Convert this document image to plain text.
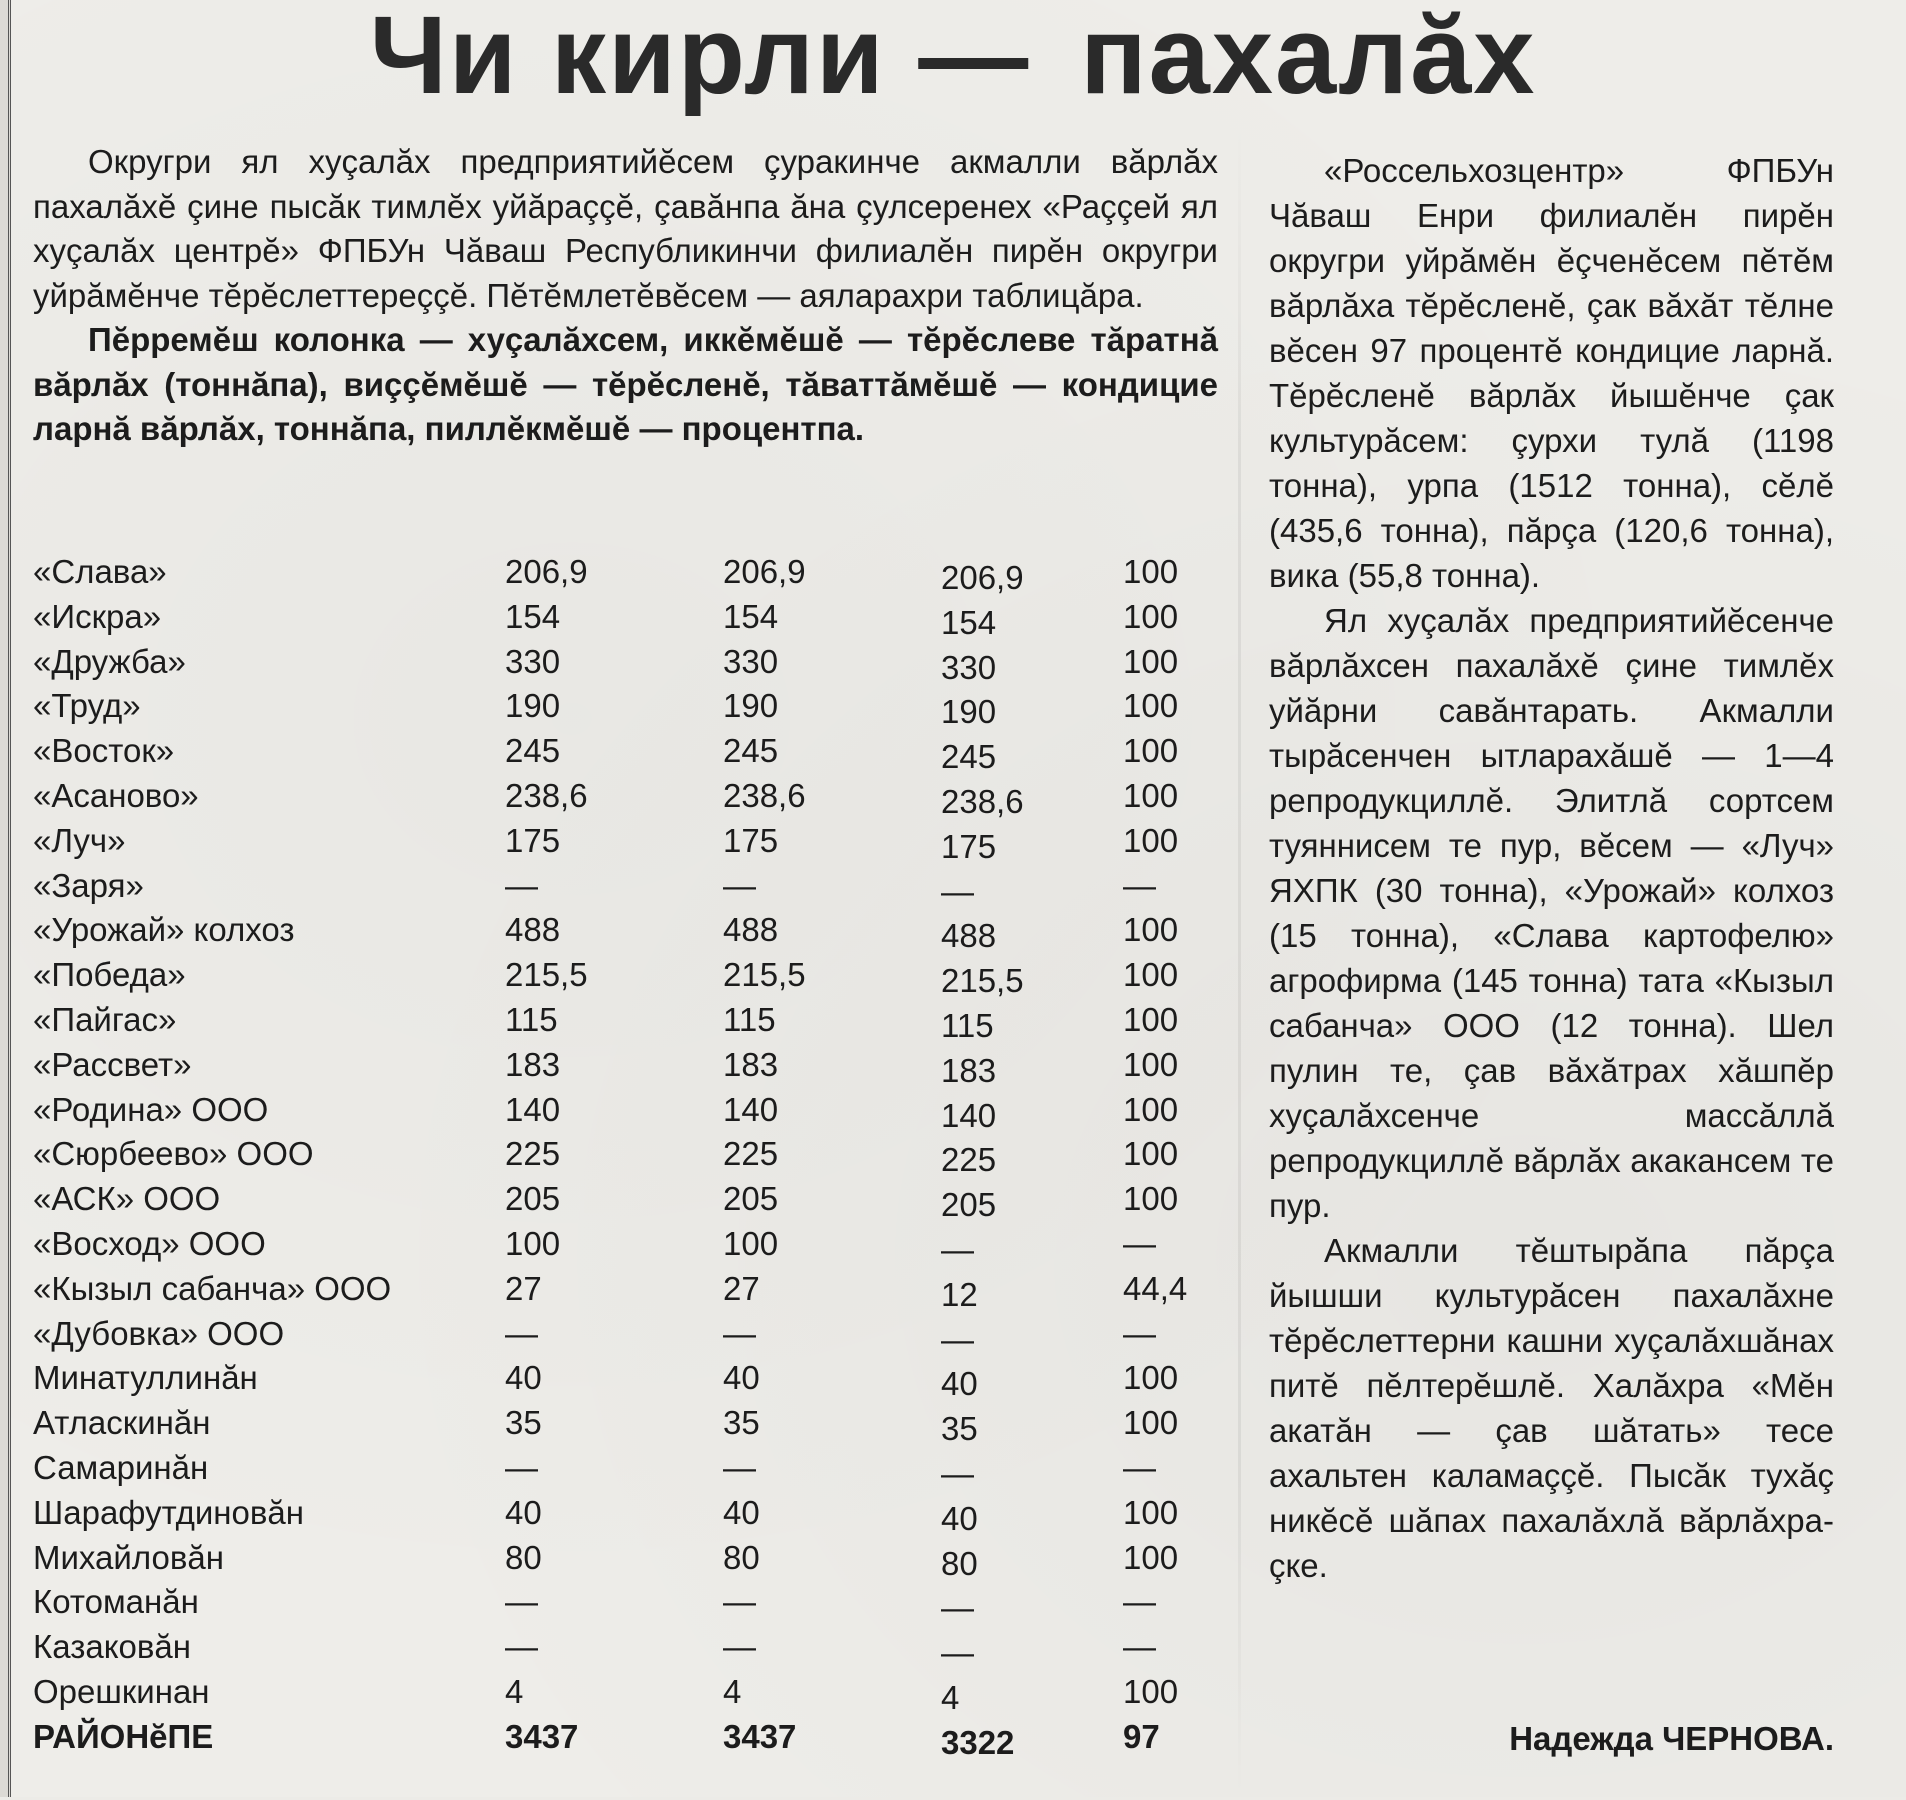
Чи кирли — пахалăх

Округри ял хуçалăх предприятийĕсем çуракинче акмалли вăрлăх пахалăхĕ çине пысăк тимлĕх уйăраççĕ, çавăнпа ăна çулсеренех «Раççей ял хуçалăх центрĕ» ФПБУн Чăваш Республикинчи филиалĕн пирĕн округри уйрăмĕнче тĕрĕслеттереççĕ. Пĕтĕмлетĕвĕсем — аялараxри таблицăра.

Пĕрремĕш колонка — хуçалăхсем, иккĕмĕшĕ — тĕрĕслеве тăратнă вăрлăх (тоннăпа), виççĕмĕшĕ — тĕрĕсленĕ, тăваттăмĕшĕ — кондицие ларнă вăрлăх, тоннăпа, пиллĕкмĕшĕ — процентпа.

«Слава»	206,9	206,9	206,9	100
«Искра»	154	154	154	100
«Дружба»	330	330	330	100
«Труд»	190	190	190	100
«Восток»	245	245	245	100
«Асаново»	238,6	238,6	238,6	100
«Луч»	175	175	175	100
«Заря»	—	—	—	—
«Урожай» колхоз	488	488	488	100
«Победа»	215,5	215,5	215,5	100
«Пайгас»	115	115	115	100
«Рассвет»	183	183	183	100
«Родина» ООО	140	140	140	100
«Сюрбеево» ООО	225	225	225	100
«АСК» ООО	205	205	205	100
«Восход» ООО	100	100	—	—
«Кызыл сабанча» ООО	27	27	12	44,4
«Дубовка» ООО	—	—	—	—
Минатуллинăн	40	40	40	100
Атласкинăн	35	35	35	100
Самаринăн	—	—	—	—
Шарафутдиновăн	40	40	40	100
Михайловăн	80	80	80	100
Котоманăн	—	—	—	—
Казаковăн	—	—	—	—
Орешкинан	4	4	4	100
РАЙОНĕПЕ	3437	3437	3322	97

«Россельхозцентр» ФПБУн Чăваш Енри филиалĕн пирĕн округри уйрăмĕн ĕçченĕсем пĕтĕм вăрлăха тĕрĕсленĕ, çак вăхăт тĕлне вĕсен 97 процентĕ кондицие ларнă. Тĕрĕсленĕ вăрлăх йышĕнче çак культурăсем: çурхи тулă (1198 тонна), урпа (1512 тонна), сĕлĕ (435,6 тонна), пăрçа (120,6 тонна), вика (55,8 тонна).

Ял хуçалăх предприятийĕсенче вăрлăхсен пахалăхĕ çине тимлĕх уйăрни савăнтарать. Акмалли тырăсенчен ытларахăшĕ — 1—4 репродукциллĕ. Элитлă сортсем туяннисем те пур, вĕсем — «Луч» ЯХПК (30 тонна), «Урожай» колхоз (15 тонна), «Слава картофелю» агрофирма (145 тонна) тата «Кызыл сабанча» ООО (12 тонна). Шел пулин те, çав вăхăтрах хăшпĕр хуçалăхсенче массăллă репродукциллĕ вăрлăх акакансем те пур.

Акмалли тĕштырăпа пăрçа йышши культурăсен пахалăхне тĕрĕслеттерни кашни хуçалăхшăнах питĕ пĕлтерĕшлĕ. Халăхра «Мĕн акатăн — çав шăтать» тесе ахальтен каламаççĕ. Пысăк тухăç никĕсĕ шăпах пахалăхлă вăрлăхра-çке.

Надежда ЧЕРНОВА.
